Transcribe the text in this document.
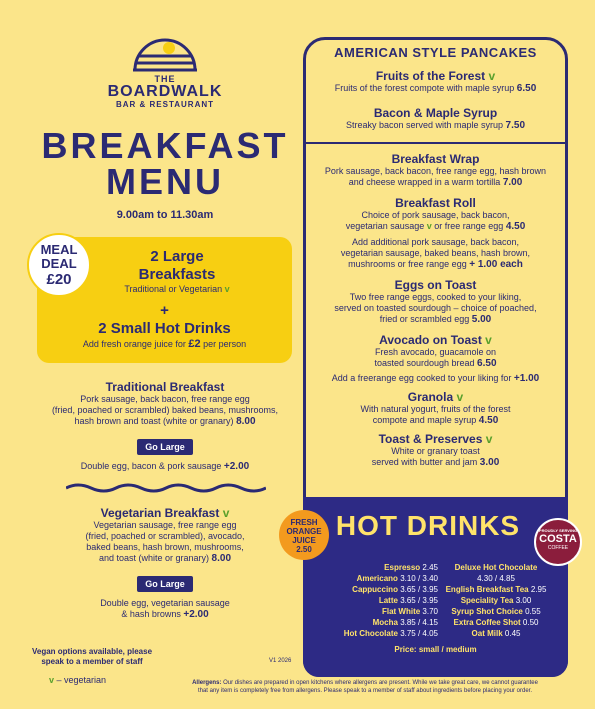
THE
BOARDWALK
BAR & RESTAURANT
BREAKFAST
MENU
9.00am to 11.30am
MEAL
DEAL
£20
2 Large
Breakfasts
Traditional or Vegetarian v
+
2 Small Hot Drinks
Add fresh orange juice for £2 per person
Traditional Breakfast
Pork sausage, back bacon, free range egg
(fried, poached or scrambled) baked beans, mushrooms,
hash brown and toast (white or granary) 8.00
Go Large
Double egg, bacon & pork sausage +2.00
Vegetarian Breakfast v
Vegetarian sausage, free range egg
(fried, poached or scrambled), avocado,
baked beans, hash brown, mushrooms,
and toast (white or granary) 8.00
Go Large
Double egg, vegetarian sausage
& hash browns +2.00
Vegan options available, please
speak to a member of staff
v – vegetarian
V1 2026
Allergens: Our dishes are prepared in open kitchens where allergens are present. While we take great care, we cannot guarantee
that any item is completely free from allergens. Please speak to a member of staff about ingredients before placing your order.
AMERICAN STYLE PANCAKES
Fruits of the Forest v
Fruits of the forest compote with maple syrup 6.50
Bacon & Maple Syrup
Streaky bacon served with maple syrup 7.50
Breakfast Wrap
Pork sausage, back bacon, free range egg, hash brown
and cheese wrapped in a warm tortilla 7.00
Breakfast Roll
Choice of pork sausage, back bacon,
vegetarian sausage v or free range egg 4.50
Add additional pork sausage, back bacon,
vegetarian sausage, baked beans, hash brown,
mushrooms or free range egg + 1.00 each
Eggs on Toast
Two free range eggs, cooked to your liking,
served on toasted sourdough – choice of poached,
fried or scrambled egg 5.00
Avocado on Toast v
Fresh avocado, guacamole on
toasted sourdough bread 6.50
Add a freerange egg cooked to your liking for +1.00
Granola v
With natural yogurt, fruits of the forest
compote and maple syrup 4.50
Toast & Preserves v
White or granary toast
served with butter and jam 3.00
HOT DRINKS
FRESH
ORANGE
JUICE
2.50
PROUDLY SERVING
COSTA
COFFEE
Espresso 2.45
Americano 3.10 / 3.40
Cappuccino 3.65 / 3.95
Latte 3.65 / 3.95
Flat White 3.70
Mocha 3.85 / 4.15
Hot Chocolate 3.75 / 4.05
Deluxe Hot Chocolate
4.30 / 4.85
English Breakfast Tea 2.95
Speciality Tea 3.00
Syrup Shot Choice 0.55
Extra Coffee Shot 0.50
Oat Milk 0.45
Price: small / medium
